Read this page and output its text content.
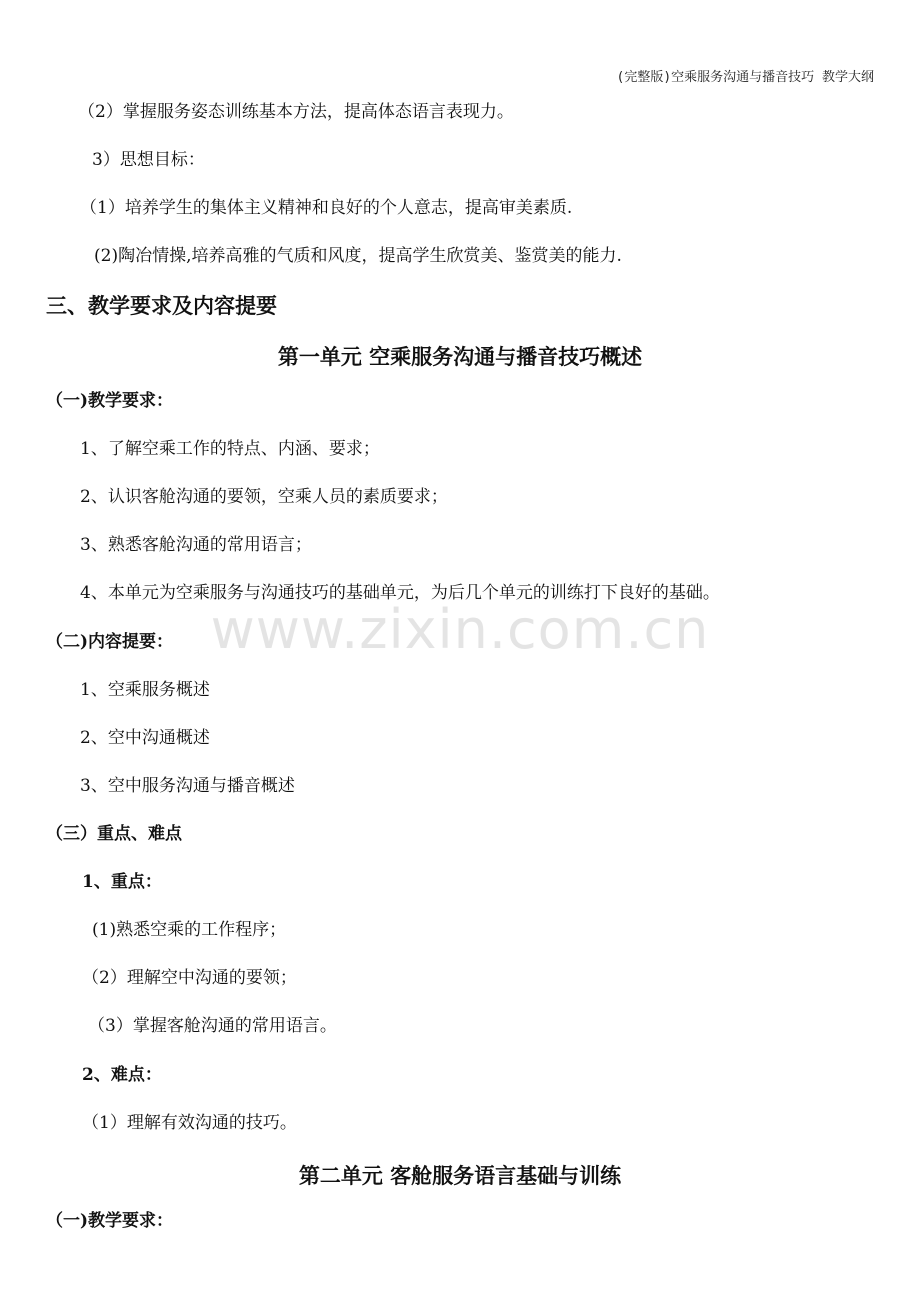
(完整版)空乘服务沟通与播音技巧 教学大纲
www.zixin.com.cn
（2）掌握服务姿态训练基本方法，提高体态语言表现力。
3）思想目标：
（1）培养学生的集体主义精神和良好的个人意志，提高审美素质.
(2)陶冶情操,培养高雅的气质和风度，提高学生欣赏美、鉴赏美的能力.
三、教学要求及内容提要
第一单元 空乘服务沟通与播音技巧概述
（一)教学要求：
1、了解空乘工作的特点、内涵、要求；
2、认识客舱沟通的要领，空乘人员的素质要求；
3、熟悉客舱沟通的常用语言；
4、本单元为空乘服务与沟通技巧的基础单元，为后几个单元的训练打下良好的基础。
（二)内容提要：
1、空乘服务概述
2、空中沟通概述
3、空中服务沟通与播音概述
（三）重点、难点
1、重点：
(1)熟悉空乘的工作程序；
（2）理解空中沟通的要领；
（3）掌握客舱沟通的常用语言。
2、难点：
（1）理解有效沟通的技巧。
第二单元 客舱服务语言基础与训练
（一)教学要求：
